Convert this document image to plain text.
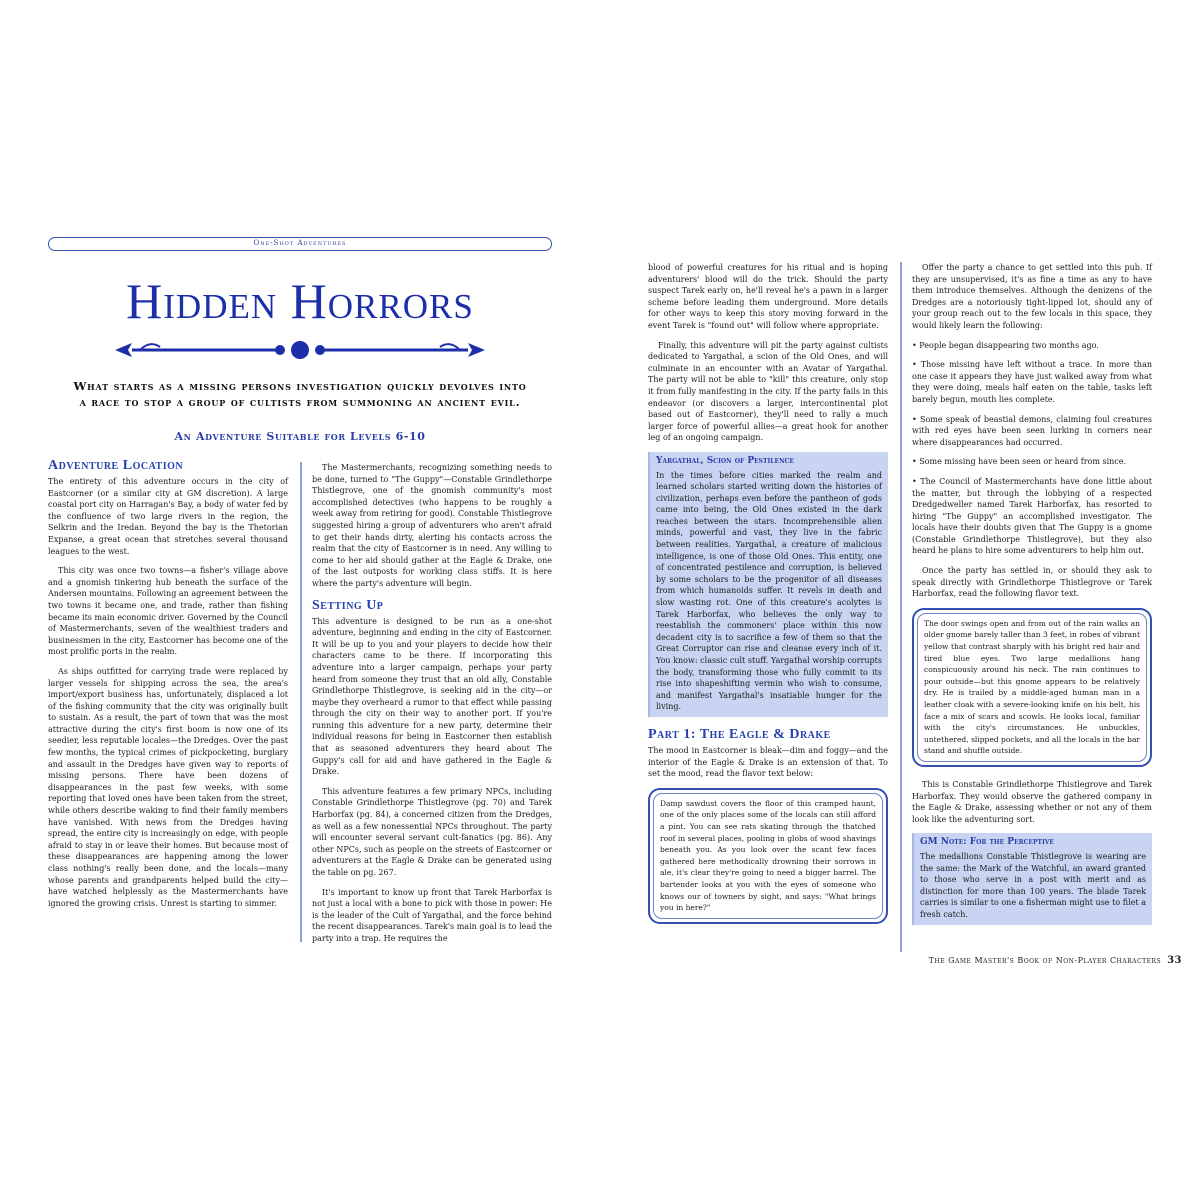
One-Shot Adventures
Hidden Horrors
What starts as a missing persons investigation quickly devolves into a race to stop a group of cultists from summoning an ancient evil.
An Adventure Suitable for Levels 6-10
Adventure Location

The entirety of this adventure occurs in the city of Eastcorner (or a similar city at GM discretion). A large coastal port city on Harragan's Bay, a body of water fed by the confluence of two large rivers in the region, the Selkrin and the Iredan. Beyond the bay is the Thetorian Expanse, a great ocean that stretches several thousand leagues to the west.

This city was once two towns—a fisher's village above and a gnomish tinkering hub beneath the surface of the Andersen mountains. Following an agreement between the two towns it became one, and trade, rather than fishing became its main economic driver. Governed by the Council of Mastermerchants, seven of the wealthiest traders and businessmen in the city, Eastcorner has become one of the most prolific ports in the realm.

As ships outfitted for carrying trade were replaced by larger vessels for shipping across the sea, the area's import/export business has, unfortunately, displaced a lot of the fishing community that the city was originally built to sustain. As a result, the part of town that was the most attractive during the city's first boom is now one of its seedier, less reputable locales—the Dredges. Over the past few months, the typical crimes of pickpocketing, burglary and assault in the Dredges have given way to reports of missing persons. There have been dozens of disappearances in the past few weeks, with some reporting that loved ones have been taken from the street, while others describe waking to find their family members have vanished. With news from the Dredges having spread, the entire city is increasingly on edge, with people afraid to stay in or leave their homes. But because most of these disappearances are happening among the lower class nothing's really been done, and the locals—many whose parents and grandparents helped build the city—have watched helplessly as the Mastermerchants have ignored the growing crisis. Unrest is starting to simmer.

The Mastermerchants, recognizing something needs to be done, turned to "The Guppy"—Constable Grindlethorpe Thistlegrove, one of the gnomish community's most accomplished detectives (who happens to be roughly a week away from retiring for good). Constable Thistlegrove suggested hiring a group of adventurers who aren't afraid to get their hands dirty, alerting his contacts across the realm that the city of Eastcorner is in need. Any willing to come to her aid should gather at the Eagle & Drake, one of the last outposts for working class stiffs. It is here where the party's adventure will begin.

Setting Up

This adventure is designed to be run as a one-shot adventure, beginning and ending in the city of Eastcorner. It will be up to you and your players to decide how their characters came to be there. If incorporating this adventure into a larger campaign, perhaps your party heard from someone they trust that an old ally, Constable Grindlethorpe Thistlegrove, is seeking aid in the city—or maybe they overheard a rumor to that effect while passing through the city on their way to another port. If you're running this adventure for a new party, determine their individual reasons for being in Eastcorner then establish that as seasoned adventurers they heard about The Guppy's call for aid and have gathered in the Eagle & Drake.

This adventure features a few primary NPCs, including Constable Grindlethorpe Thistlegrove (pg. 70) and Tarek Harborfax (pg. 84), a concerned citizen from the Dredges, as well as a few nonessential NPCs throughout. The party will encounter several servant cult-fanatics (pg. 86). Any other NPCs, such as people on the streets of Eastcorner or adventurers at the Eagle & Drake can be generated using the table on pg. 267.

It's important to know up front that Tarek Harborfax is not just a local with a bone to pick with those in power: He is the leader of the Cult of Yargathal, and the force behind the recent disappearances. Tarek's main goal is to lead the party into a trap. He requires the

blood of powerful creatures for his ritual and is hoping adventurers' blood will do the trick. Should the party suspect Tarek early on, he'll reveal he's a pawn in a larger scheme before leading them underground. More details for other ways to keep this story moving forward in the event Tarek is "found out" will follow where appropriate.

Finally, this adventure will pit the party against cultists dedicated to Yargathal, a scion of the Old Ones, and will culminate in an encounter with an Avatar of Yargathal. The party will not be able to "kill" this creature, only stop it from fully manifesting in the city. If the party fails in this endeavor (or discovers a larger, intercontinental plot based out of Eastcorner), they'll need to rally a much larger force of powerful allies—a great hook for another leg of an ongoing campaign.

Yargathal, Scion of Pestilence
In the times before cities marked the realm and learned scholars started writing down the histories of civilization, perhaps even before the pantheon of gods came into being, the Old Ones existed in the dark reaches between the stars. Incomprehensible alien minds, powerful and vast, they live in the fabric between realities. Yargathal, a creature of malicious intelligence, is one of those Old Ones. This entity, one of concentrated pestilence and corruption, is believed by some scholars to be the progenitor of all diseases from which humanoids suffer. It revels in death and slow wasting rot. One of this creature's acolytes is Tarek Harborfax, who believes the only way to reestablish the commoners' place within this now decadent city is to sacrifice a few of them so that the Great Corruptor can rise and cleanse every inch of it. You know: classic cult stuff. Yargathal worship corrupts the body, transforming those who fully commit to its rise into shapeshifting vermin who wish to consume, and manifest Yargathal's insatiable hunger for the living.
Part 1: The Eagle & Drake

The mood in Eastcorner is bleak—dim and foggy—and the interior of the Eagle & Drake is an extension of that. To set the mood, read the flavor text below:

Damp sawdust covers the floor of this cramped haunt, one of the only places some of the locals can still afford a pint. You can see rats skating through the thatched roof in several places, pooling in globs of wood shavings beneath you. As you look over the scant few faces gathered here methodically drowning their sorrows in ale, it's clear they're going to need a bigger barrel. The bartender looks at you with the eyes of someone who knows our of towners by sight, and says: "What brings you in here?"

Offer the party a chance to get settled into this pub. If they are unsupervised, it's as fine a time as any to have them introduce themselves. Although the denizens of the Dredges are a notoriously tight-lipped lot, should any of your group reach out to the few locals in this space, they would likely learn the following:

• People began disappearing two months ago.

• Those missing have left without a trace. In more than one case it appears they have just walked away from what they were doing, meals half eaten on the table, tasks left barely begun, mouth lies complete.

• Some speak of beastial demons, claiming foul creatures with red eyes have been seen lurking in corners near where disappearances had occurred.

• Some missing have been seen or heard from since.

• The Council of Mastermerchants have done little about the matter, but through the lobbying of a respected Dredgedweller named Tarek Harborfax, has resorted to hiring "The Guppy" an accomplished investigator. The locals have their doubts given that The Guppy is a gnome (Constable Grindlethorpe Thistlegrove), but they also heard he plans to hire some adventurers to help him out.

Once the party has settled in, or should they ask to speak directly with Grindlethorpe Thistlegrove or Tarek Harborfax, read the following flavor text.

The door swings open and from out of the rain walks an older gnome barely taller than 3 feet, in robes of vibrant yellow that contrast sharply with his bright red hair and tired blue eyes. Two large medallions hang conspicuously around his neck. The rain continues to pour outside—but this gnome appears to be relatively dry. He is trailed by a middle-aged human man in a leather cloak with a severe-looking knife on his belt, his face a mix of scars and scowls. He looks local, familiar with the city's circumstances. He unbuckles, untethered, slipped pockets, and all the locals in the bar stand and shuffle outside.

This is Constable Grindlethorpe Thistlegrove and Tarek Harborfax. They would observe the gathered company in the Eagle & Drake, assessing whether or not any of them look like the adventuring sort.

GM Note: For the Perceptive
The medallions Constable Thistlegrove is wearing are the same: the Mark of the Watchful, an award granted to those who serve in a post with merit and as distinction for more than 100 years. The blade Tarek carries is similar to one a fisherman might use to filet a fresh catch.
The Game Master's Book of Non-Player Characters 33
